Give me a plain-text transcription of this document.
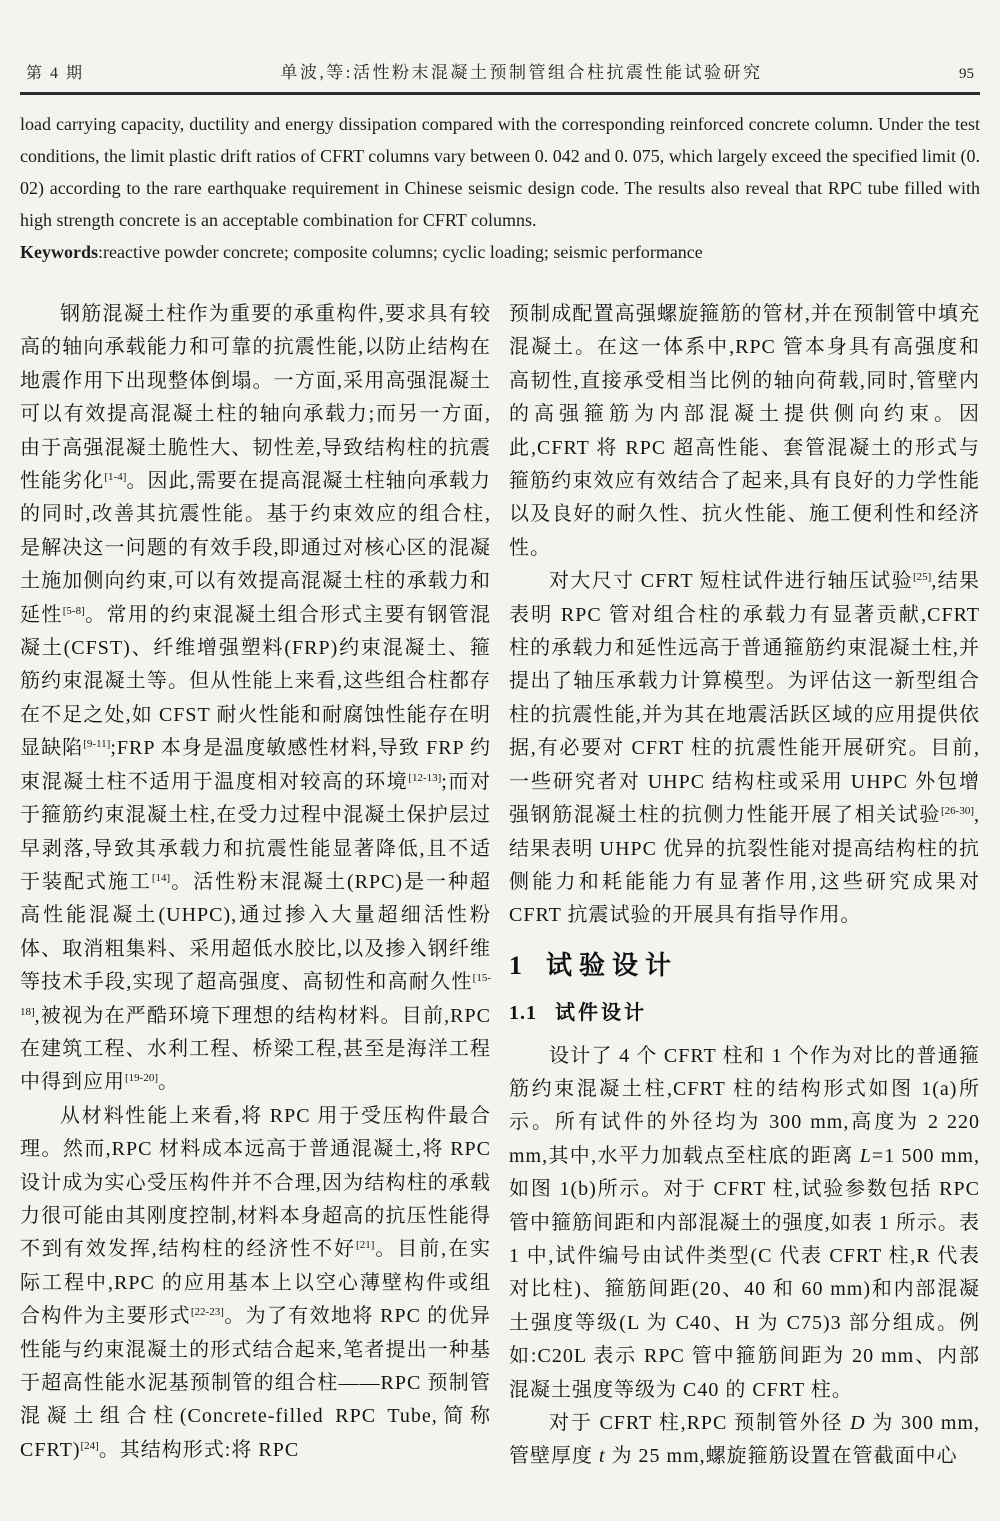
第 4 期	单波,等:活性粉末混凝土预制管组合柱抗震性能试验研究	95

load carrying capacity, ductility and energy dissipation compared with the corresponding reinforced concrete column. Under the test conditions, the limit plastic drift ratios of CFRT columns vary between 0. 042 and 0. 075, which largely exceed the specified limit (0. 02) according to the rare earthquake requirement in Chinese seismic design code. The results also reveal that RPC tube filled with high strength concrete is an acceptable combination for CFRT columns.

Keywords:reactive powder concrete; composite columns; cyclic loading; seismic performance

钢筋混凝土柱作为重要的承重构件,要求具有较高的轴向承载能力和可靠的抗震性能,以防止结构在地震作用下出现整体倒塌。一方面,采用高强混凝土可以有效提高混凝土柱的轴向承载力;而另一方面,由于高强混凝土脆性大、韧性差,导致结构柱的抗震性能劣化[1-4]。因此,需要在提高混凝土柱轴向承载力的同时,改善其抗震性能。基于约束效应的组合柱,是解决这一问题的有效手段,即通过对核心区的混凝土施加侧向约束,可以有效提高混凝土柱的承载力和延性[5-8]。常用的约束混凝土组合形式主要有钢管混凝土(CFST)、纤维增强塑料(FRP)约束混凝土、箍筋约束混凝土等。但从性能上来看,这些组合柱都存在不足之处,如 CFST 耐火性能和耐腐蚀性能存在明显缺陷[9-11];FRP 本身是温度敏感性材料,导致 FRP 约束混凝土柱不适用于温度相对较高的环境[12-13];而对于箍筋约束混凝土柱,在受力过程中混凝土保护层过早剥落,导致其承载力和抗震性能显著降低,且不适于装配式施工[14]。活性粉末混凝土(RPC)是一种超高性能混凝土(UHPC),通过掺入大量超细活性粉体、取消粗集料、采用超低水胶比,以及掺入钢纤维等技术手段,实现了超高强度、高韧性和高耐久性[15-18],被视为在严酷环境下理想的结构材料。目前,RPC 在建筑工程、水利工程、桥梁工程,甚至是海洋工程中得到应用[19-20]。

从材料性能上来看,将 RPC 用于受压构件最合理。然而,RPC 材料成本远高于普通混凝土,将 RPC 设计成为实心受压构件并不合理,因为结构柱的承载力很可能由其刚度控制,材料本身超高的抗压性能得不到有效发挥,结构柱的经济性不好[21]。目前,在实际工程中,RPC 的应用基本上以空心薄壁构件或组合构件为主要形式[22-23]。为了有效地将 RPC 的优异性能与约束混凝土的形式结合起来,笔者提出一种基于超高性能水泥基预制管的组合柱——RPC 预制管混凝土组合柱(Concrete-filled RPC Tube,简称 CFRT)[24]。其结构形式:将 RPC

预制成配置高强螺旋箍筋的管材,并在预制管中填充混凝土。在这一体系中,RPC 管本身具有高强度和高韧性,直接承受相当比例的轴向荷载,同时,管壁内的高强箍筋为内部混凝土提供侧向约束。因此,CFRT 将 RPC 超高性能、套管混凝土的形式与箍筋约束效应有效结合了起来,具有良好的力学性能以及良好的耐久性、抗火性能、施工便利性和经济性。

对大尺寸 CFRT 短柱试件进行轴压试验[25],结果表明 RPC 管对组合柱的承载力有显著贡献,CFRT 柱的承载力和延性远高于普通箍筋约束混凝土柱,并提出了轴压承载力计算模型。为评估这一新型组合柱的抗震性能,并为其在地震活跃区域的应用提供依据,有必要对 CFRT 柱的抗震性能开展研究。目前,一些研究者对 UHPC 结构柱或采用 UHPC 外包增强钢筋混凝土柱的抗侧力性能开展了相关试验[26-30],结果表明 UHPC 优异的抗裂性能对提高结构柱的抗侧能力和耗能能力有显著作用,这些研究成果对 CFRT 抗震试验的开展具有指导作用。

1 试验设计
1.1 试件设计

设计了 4 个 CFRT 柱和 1 个作为对比的普通箍筋约束混凝土柱,CFRT 柱的结构形式如图 1(a)所示。所有试件的外径均为 300 mm,高度为 2 220 mm,其中,水平力加载点至柱底的距离 L=1 500 mm,如图 1(b)所示。对于 CFRT 柱,试验参数包括 RPC 管中箍筋间距和内部混凝土的强度,如表 1 所示。表 1 中,试件编号由试件类型(C 代表 CFRT 柱,R 代表对比柱)、箍筋间距(20、40 和 60 mm)和内部混凝土强度等级(L 为 C40、H 为 C75)3 部分组成。例如:C20L 表示 RPC 管中箍筋间距为 20 mm、内部混凝土强度等级为 C40 的 CFRT 柱。

对于 CFRT 柱,RPC 预制管外径 D 为 300 mm,管壁厚度 t 为 25 mm,螺旋箍筋设置在管截面中心
